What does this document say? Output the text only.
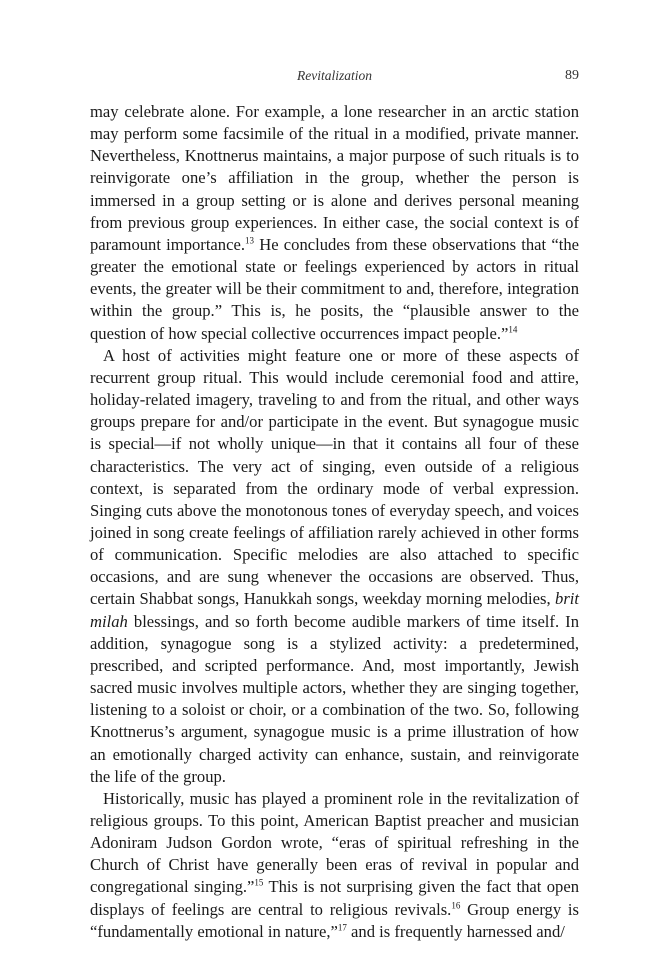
Revitalization	89

may celebrate alone. For example, a lone researcher in an arctic station may perform some facsimile of the ritual in a modified, private manner. Nevertheless, Knottnerus maintains, a major purpose of such rituals is to reinvigorate one’s affiliation in the group, whether the person is immersed in a group setting or is alone and derives personal meaning from previous group experiences. In either case, the social context is of paramount importance.$^{13}$ He concludes from these observations that “the greater the emotional state or feelings experienced by actors in ritual events, the greater will be their commitment to and, therefore, integration within the group.” This is, he posits, the “plausible answer to the question of how special collective occurrences impact people.”$^{14}$

A host of activities might feature one or more of these aspects of recurrent group ritual. This would include ceremonial food and attire, holiday-related imagery, traveling to and from the ritual, and other ways groups prepare for and/or participate in the event. But synagogue music is special—if not wholly unique—in that it contains all four of these characteristics. The very act of singing, even outside of a religious context, is separated from the ordinary mode of verbal expression. Singing cuts above the monotonous tones of everyday speech, and voices joined in song create feelings of affiliation rarely achieved in other forms of communication. Specific melodies are also attached to specific occasions, and are sung whenever the occasions are observed. Thus, certain Shabbat songs, Hanukkah songs, weekday morning melodies, brit milah blessings, and so forth become audible markers of time itself. In addition, synagogue song is a stylized activity: a predetermined, prescribed, and scripted performance. And, most importantly, Jewish sacred music involves multiple actors, whether they are singing together, listening to a soloist or choir, or a combination of the two. So, following Knottnerus’s argument, synagogue music is a prime illustration of how an emotionally charged activity can enhance, sustain, and reinvigorate the life of the group.

Historically, music has played a prominent role in the revitalization of religious groups. To this point, American Baptist preacher and musician Adoniram Judson Gordon wrote, “eras of spiritual refreshing in the Church of Christ have generally been eras of revival in popular and congregational singing.”$^{15}$ This is not surprising given the fact that open displays of feelings are central to religious revivals.$^{16}$ Group energy is “fundamentally emotional in nature,”$^{17}$ and is frequently harnessed and/
